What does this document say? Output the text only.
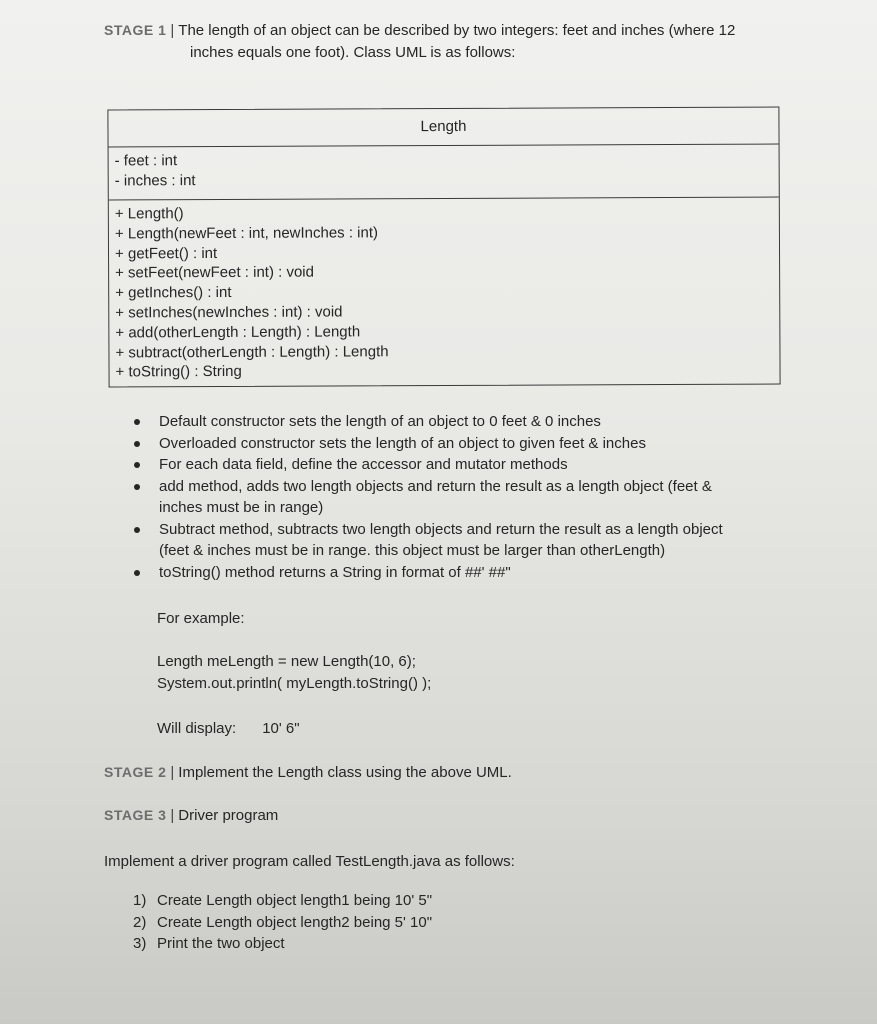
STAGE 1 | The length of an object can be described by two integers: feet and inches (where 12
inches equals one foot). Class UML is as follows:
Length
- feet : int
- inches : int
+ Length()
+ Length(newFeet : int, newInches : int)
+ getFeet() : int
+ setFeet(newFeet : int) : void
+ getInches() : int
+ setInches(newInches : int) : void
+ add(otherLength : Length) : Length
+ subtract(otherLength : Length) : Length
+ toString() : String
Default constructor sets the length of an object to 0 feet & 0 inches
Overloaded constructor sets the length of an object to given feet & inches
For each data field, define the accessor and mutator methods
add method, adds two length objects and return the result as a length object (feet &
inches must be in range)
Subtract method, subtracts two length objects and return the result as a length object
(feet & inches must be in range. this object must be larger than otherLength)
toString() method returns a String in format of ##' ##"
For example:
Length meLength = new Length(10, 6);
System.out.println( myLength.toString() );
Will display: 10' 6"
STAGE 2 | Implement the Length class using the above UML.
STAGE 3 | Driver program
Implement a driver program called TestLength.java as follows:
1) Create Length object length1 being 10' 5"
2) Create Length object length2 being 5' 10"
3) Print the two object
